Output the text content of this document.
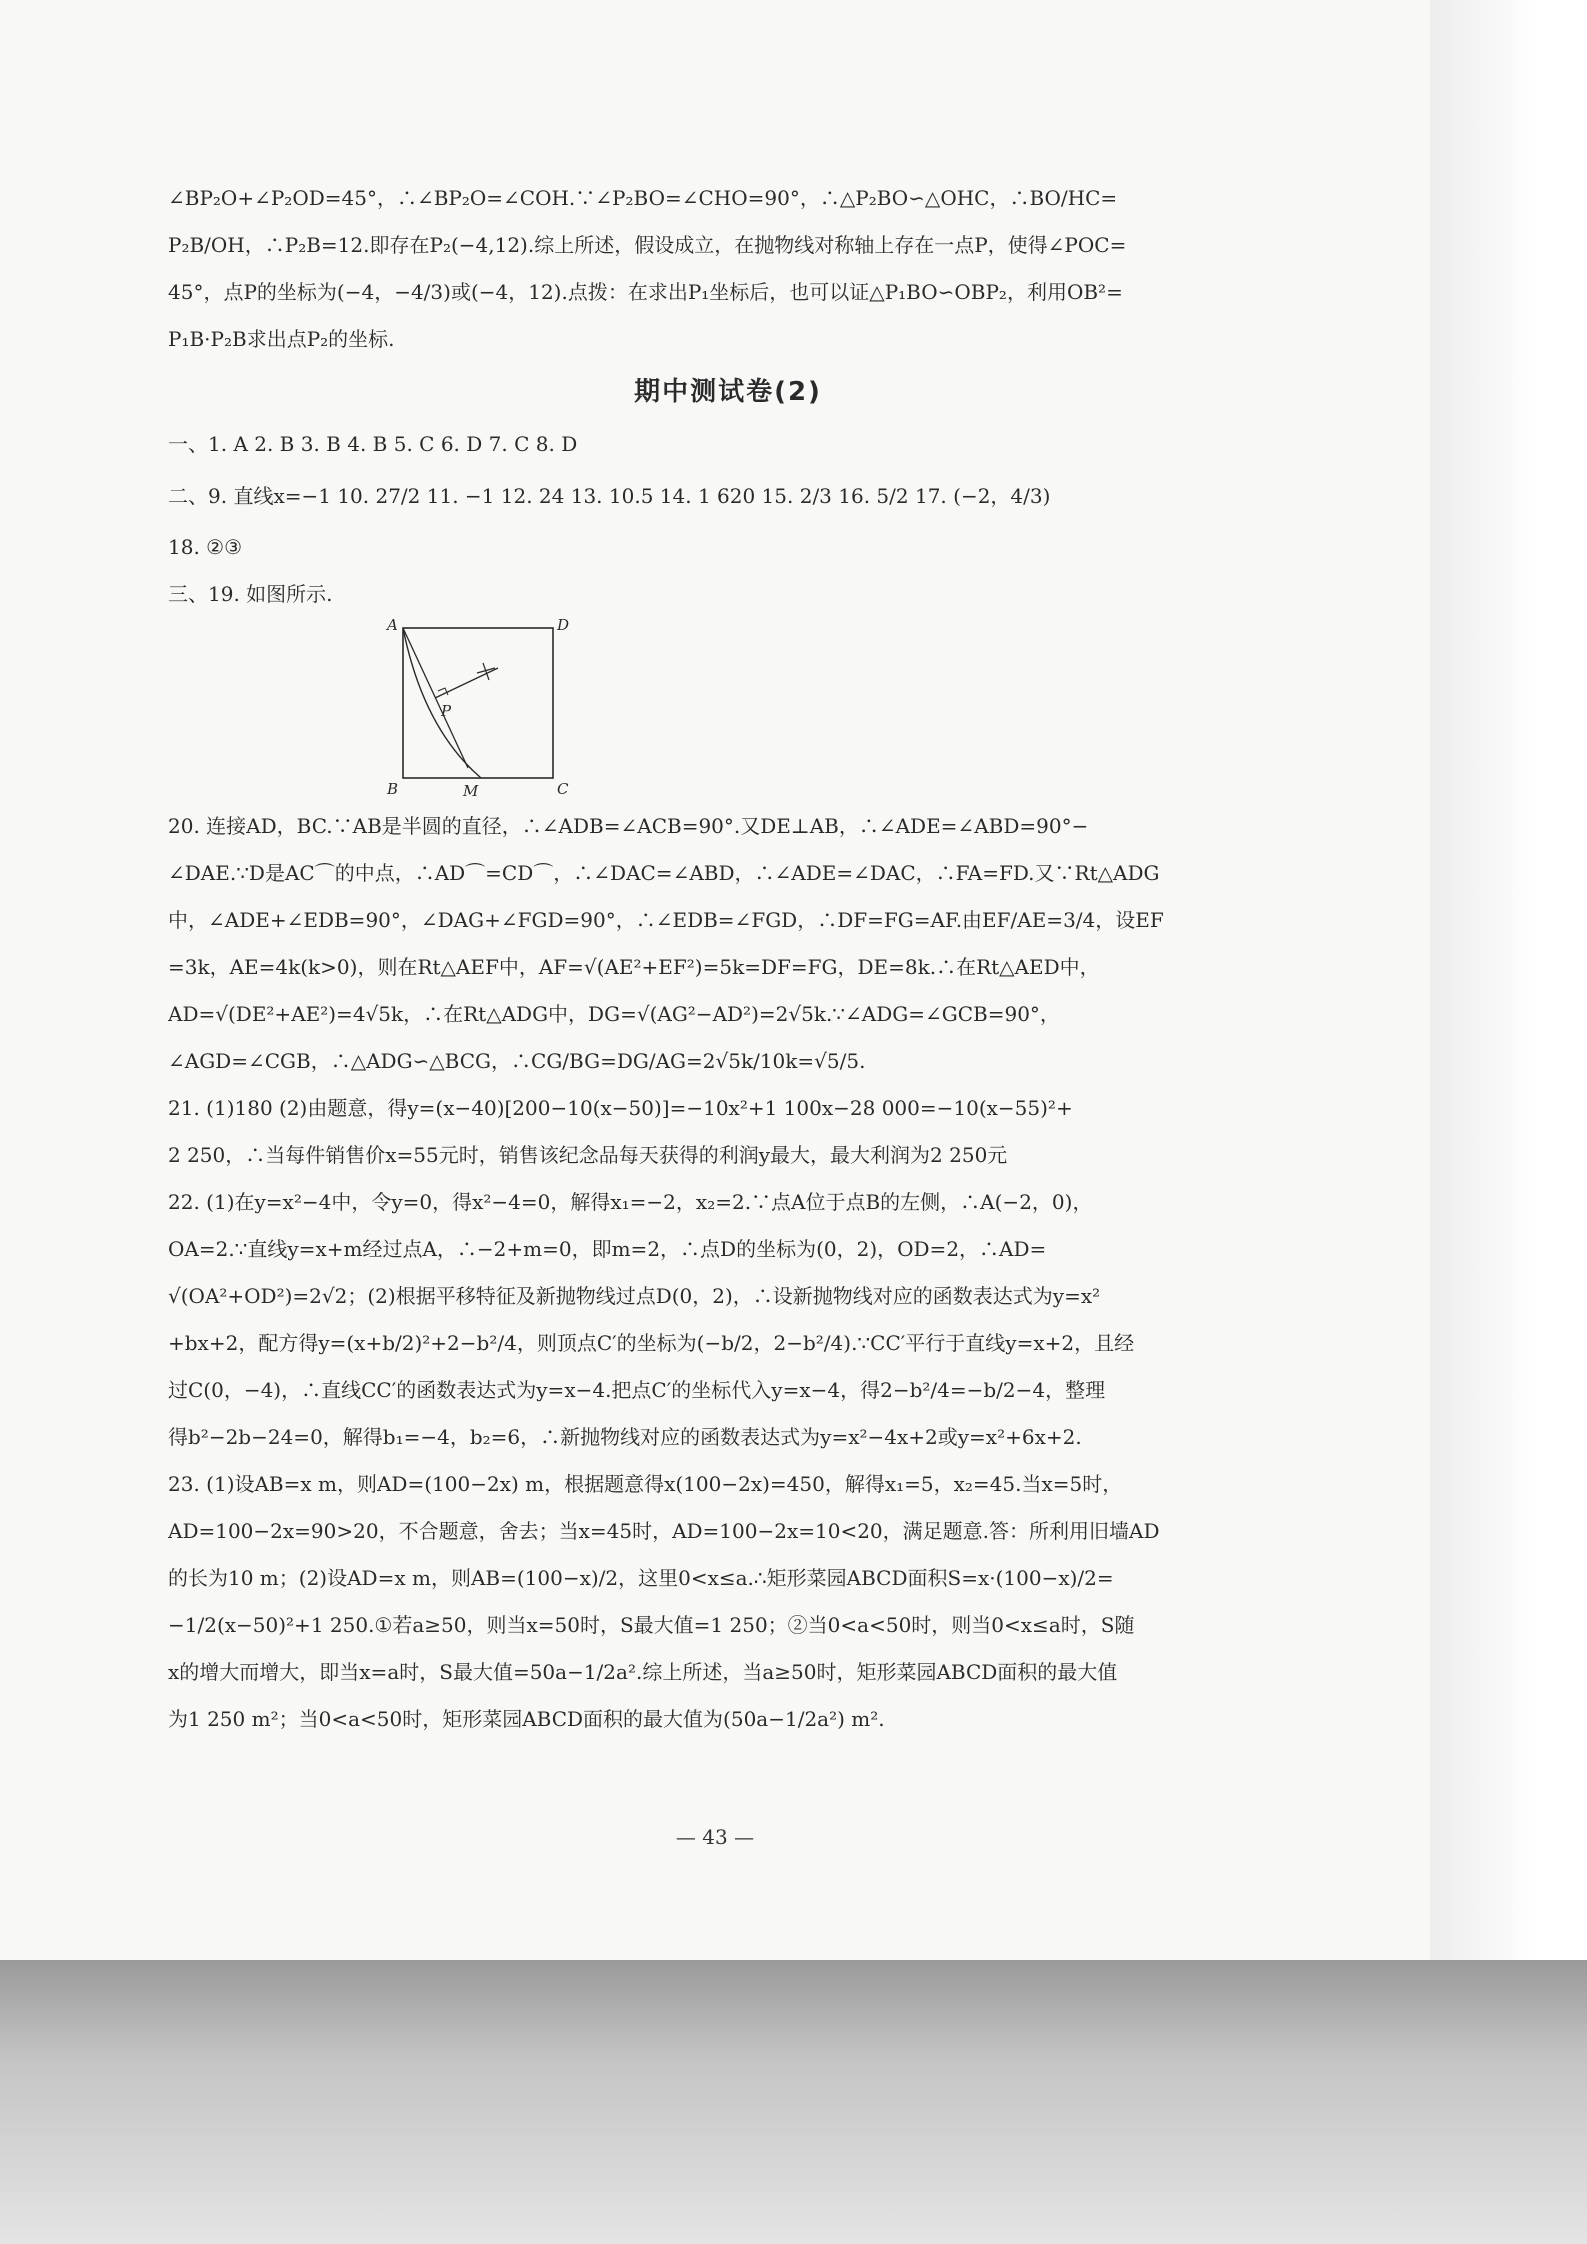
∠BP₂O+∠P₂OD=45°，∴∠BP₂O=∠COH.∵∠P₂BO=∠CHO=90°，∴△P₂BO∽△OHC，∴BO/HC=
P₂B/OH，∴P₂B=12.即存在P₂(−4,12).综上所述，假设成立，在抛物线对称轴上存在一点P，使得∠POC=
45°，点P的坐标为(−4，−4/3)或(−4，12).点拨：在求出P₁坐标后，也可以证△P₁BO∽OBP₂，利用OB²=
P₁B·P₂B求出点P₂的坐标.
期中测试卷(2)
一、1. A 2. B 3. B 4. B 5. C 6. D 7. C 8. D
二、9. 直线x=−1 10. 27/2 11. −1 12. 24 13. 10.5 14. 1 620 15. 2/3 16. 5/2 17. (−2，4/3)
18. ②③
三、19. 如图所示.
A	D
B	M	C
P
20. 连接AD，BC.∵AB是半圆的直径，∴∠ADB=∠ACB=90°.又DE⊥AB，∴∠ADE=∠ABD=90°−
∠DAE.∵D是AC⌒的中点，∴AD⌒=CD⌒，∴∠DAC=∠ABD，∴∠ADE=∠DAC，∴FA=FD.又∵Rt△ADG
中，∠ADE+∠EDB=90°，∠DAG+∠FGD=90°，∴∠EDB=∠FGD，∴DF=FG=AF.由EF/AE=3/4，设EF
=3k，AE=4k(k>0)，则在Rt△AEF中，AF=√(AE²+EF²)=5k=DF=FG，DE=8k.∴在Rt△AED中，
AD=√(DE²+AE²)=4√5k，∴在Rt△ADG中，DG=√(AG²−AD²)=2√5k.∵∠ADG=∠GCB=90°，
∠AGD=∠CGB，∴△ADG∽△BCG，∴CG/BG=DG/AG=2√5k/10k=√5/5.
21. (1)180 (2)由题意，得y=(x−40)[200−10(x−50)]=−10x²+1 100x−28 000=−10(x−55)²+
2 250，∴当每件销售价x=55元时，销售该纪念品每天获得的利润y最大，最大利润为2 250元
22. (1)在y=x²−4中，令y=0，得x²−4=0，解得x₁=−2，x₂=2.∵点A位于点B的左侧，∴A(−2，0)，
OA=2.∵直线y=x+m经过点A，∴−2+m=0，即m=2，∴点D的坐标为(0，2)，OD=2，∴AD=
√(OA²+OD²)=2√2；(2)根据平移特征及新抛物线过点D(0，2)，∴设新抛物线对应的函数表达式为y=x²
+bx+2，配方得y=(x+b/2)²+2−b²/4，则顶点C′的坐标为(−b/2，2−b²/4).∵CC′平行于直线y=x+2，且经
过C(0，−4)，∴直线CC′的函数表达式为y=x−4.把点C′的坐标代入y=x−4，得2−b²/4=−b/2−4，整理
得b²−2b−24=0，解得b₁=−4，b₂=6，∴新抛物线对应的函数表达式为y=x²−4x+2或y=x²+6x+2.
23. (1)设AB=x m，则AD=(100−2x) m，根据题意得x(100−2x)=450，解得x₁=5，x₂=45.当x=5时，
AD=100−2x=90>20，不合题意，舍去；当x=45时，AD=100−2x=10<20，满足题意.答：所利用旧墙AD
的长为10 m；(2)设AD=x m，则AB=(100−x)/2，这里0<x≤a.∴矩形菜园ABCD面积S=x·(100−x)/2=
−1/2(x−50)²+1 250.①若a≥50，则当x=50时，S最大值=1 250；②当0<a<50时，则当0<x≤a时，S随
x的增大而增大，即当x=a时，S最大值=50a−1/2a².综上所述，当a≥50时，矩形菜园ABCD面积的最大值
为1 250 m²；当0<a<50时，矩形菜园ABCD面积的最大值为(50a−1/2a²) m².
— 43 —
